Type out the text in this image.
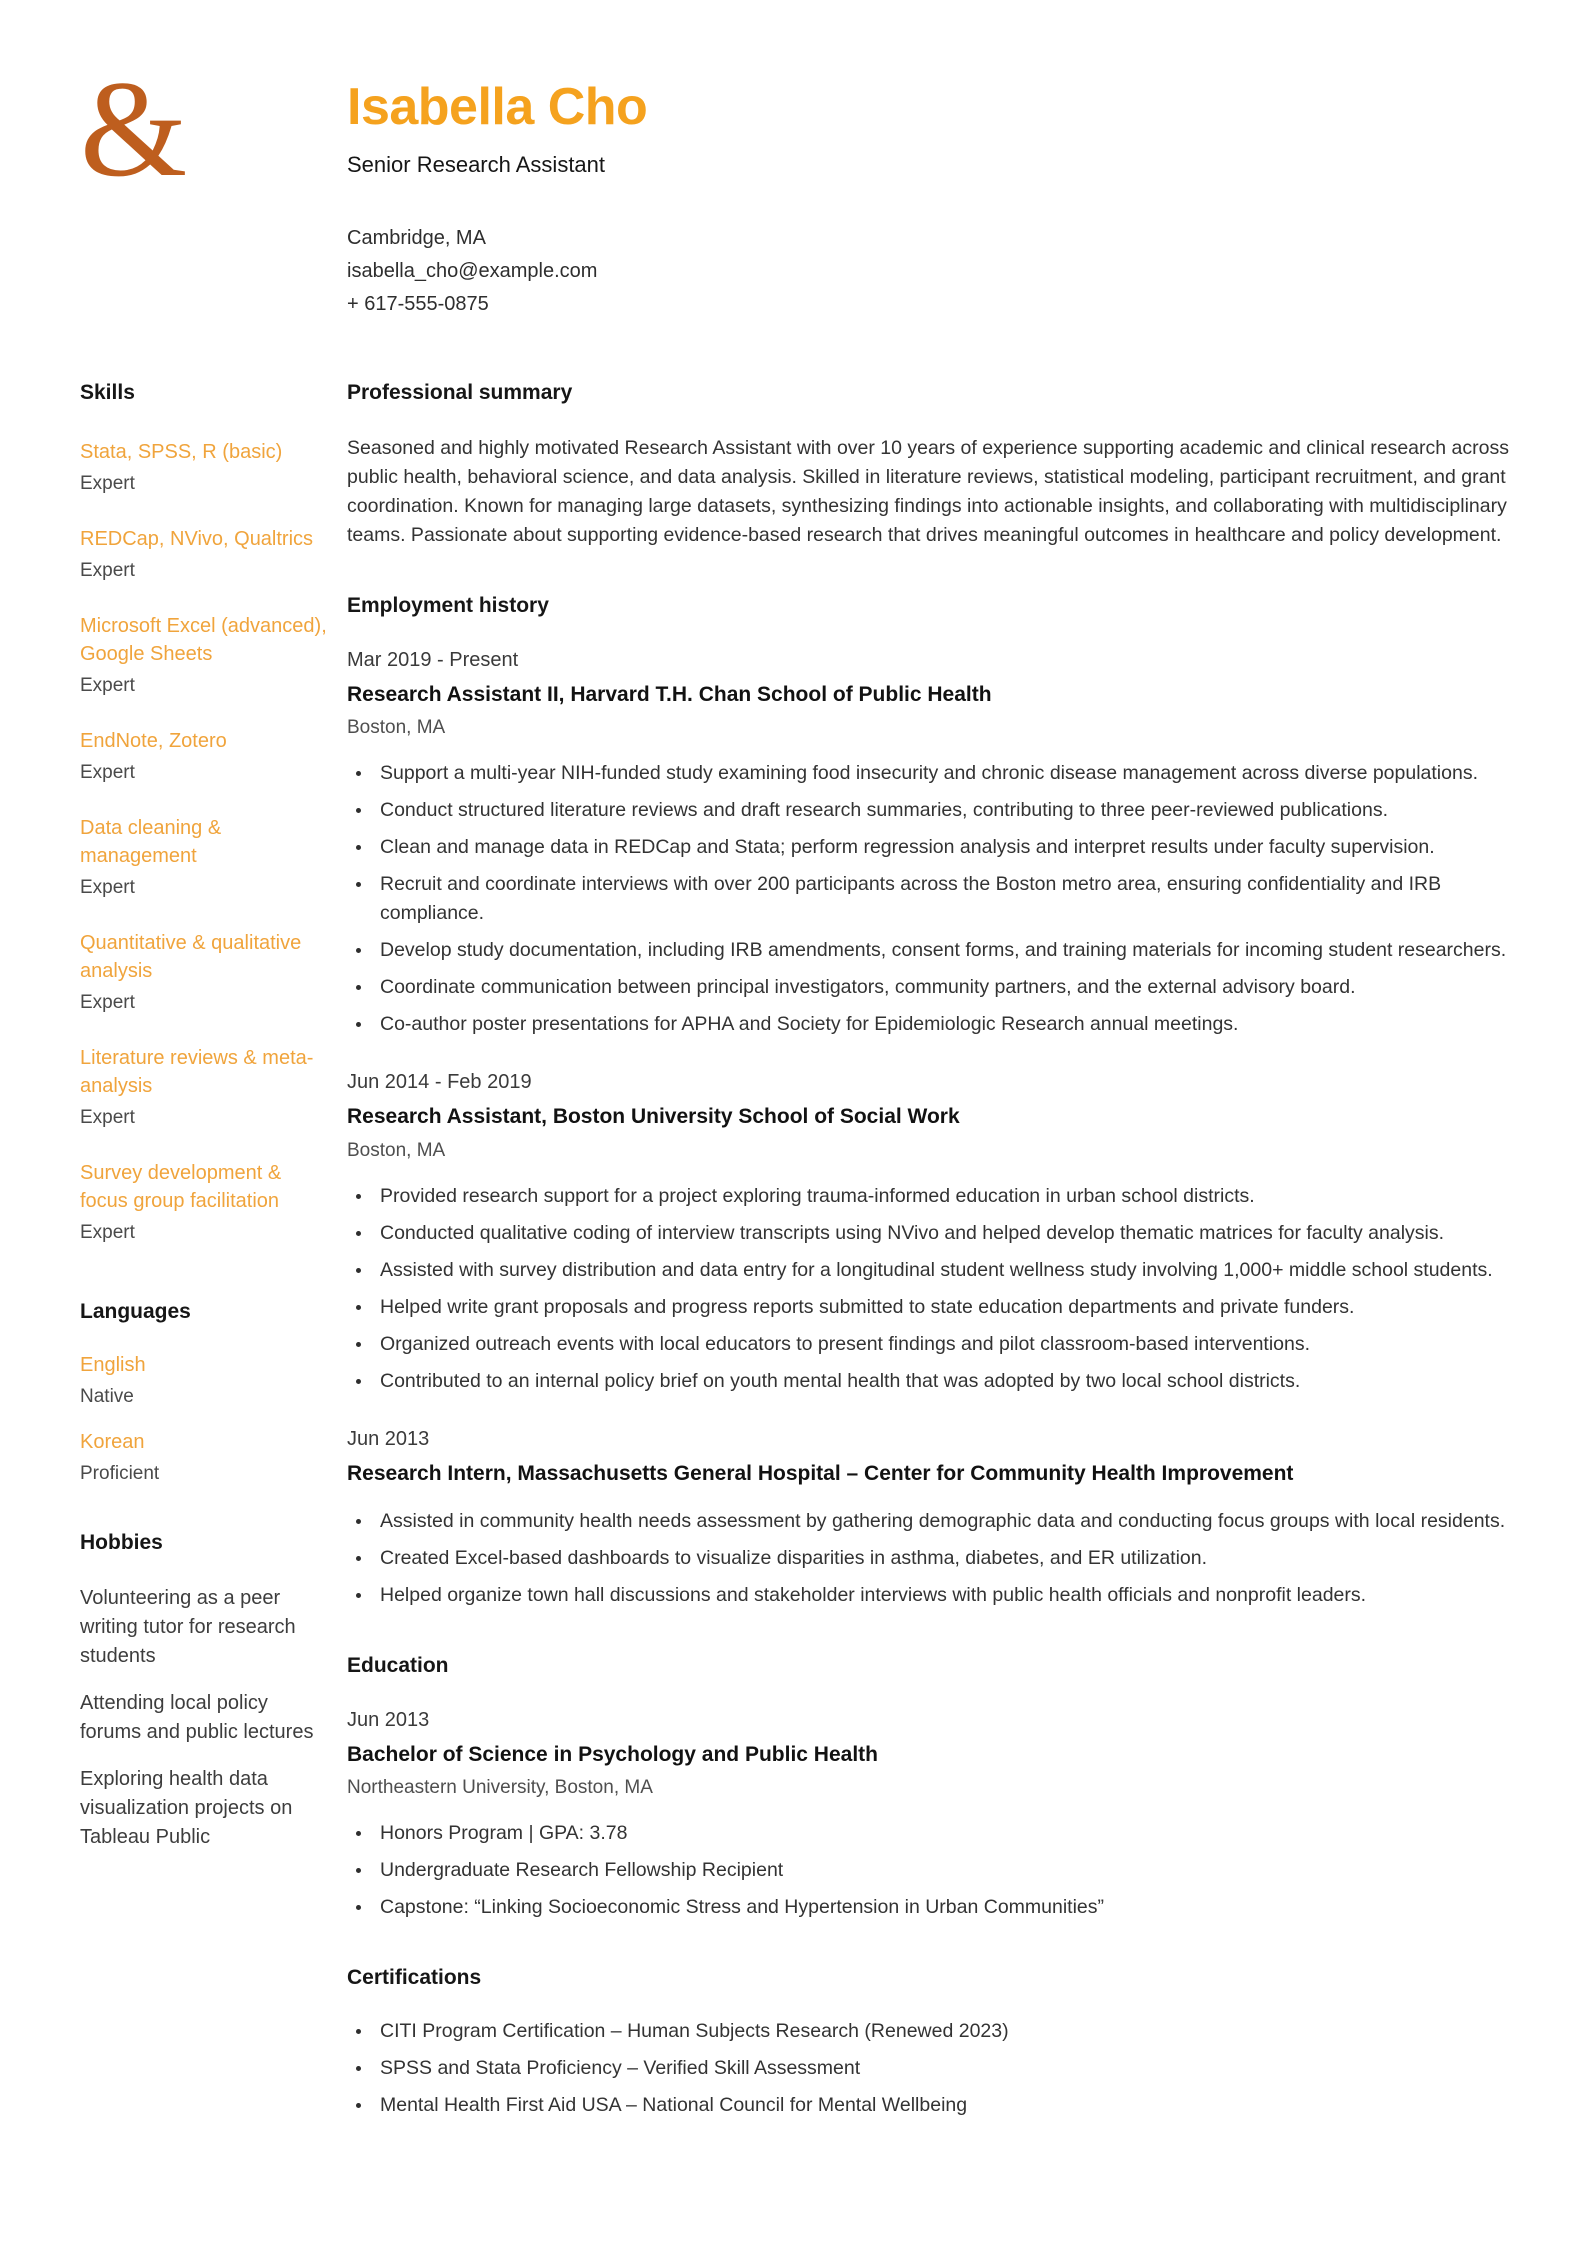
&	Isabella Cho
Senior Research Assistant
Cambridge, MA
isabella_cho@example.com
+ 617-555-0875
Skills
Stata, SPSS, R (basic)
Expert
REDCap, NVivo, Qualtrics
Expert
Microsoft Excel (advanced), Google Sheets
Expert
EndNote, Zotero
Expert
Data cleaning & management
Expert
Quantitative & qualitative analysis
Expert
Literature reviews & meta-analysis
Expert
Survey development & focus group facilitation
Expert
Languages
English
Native
Korean
Proficient
Hobbies
Volunteering as a peer writing tutor for research students
Attending local policy forums and public lectures
Exploring health data visualization projects on Tableau Public
Professional summary
Seasoned and highly motivated Research Assistant with over 10 years of experience supporting academic and clinical research across public health, behavioral science, and data analysis. Skilled in literature reviews, statistical modeling, participant recruitment, and grant coordination. Known for managing large datasets, synthesizing findings into actionable insights, and collaborating with multidisciplinary teams. Passionate about supporting evidence-based research that drives meaningful outcomes in healthcare and policy development.
Employment history
Mar 2019 - Present
Research Assistant II, Harvard T.H. Chan School of Public Health
Boston, MA
Support a multi-year NIH-funded study examining food insecurity and chronic disease management across diverse populations.
Conduct structured literature reviews and draft research summaries, contributing to three peer-reviewed publications.
Clean and manage data in REDCap and Stata; perform regression analysis and interpret results under faculty supervision.
Recruit and coordinate interviews with over 200 participants across the Boston metro area, ensuring confidentiality and IRB compliance.
Develop study documentation, including IRB amendments, consent forms, and training materials for incoming student researchers.
Coordinate communication between principal investigators, community partners, and the external advisory board.
Co-author poster presentations for APHA and Society for Epidemiologic Research annual meetings.
Jun 2014 - Feb 2019
Research Assistant, Boston University School of Social Work
Boston, MA
Provided research support for a project exploring trauma-informed education in urban school districts.
Conducted qualitative coding of interview transcripts using NVivo and helped develop thematic matrices for faculty analysis.
Assisted with survey distribution and data entry for a longitudinal student wellness study involving 1,000+ middle school students.
Helped write grant proposals and progress reports submitted to state education departments and private funders.
Organized outreach events with local educators to present findings and pilot classroom-based interventions.
Contributed to an internal policy brief on youth mental health that was adopted by two local school districts.
Jun 2013
Research Intern, Massachusetts General Hospital – Center for Community Health Improvement
Assisted in community health needs assessment by gathering demographic data and conducting focus groups with local residents.
Created Excel-based dashboards to visualize disparities in asthma, diabetes, and ER utilization.
Helped organize town hall discussions and stakeholder interviews with public health officials and nonprofit leaders.
Education
Jun 2013
Bachelor of Science in Psychology and Public Health
Northeastern University, Boston, MA
Honors Program | GPA: 3.78
Undergraduate Research Fellowship Recipient
Capstone: “Linking Socioeconomic Stress and Hypertension in Urban Communities”
Certifications
CITI Program Certification – Human Subjects Research (Renewed 2023)
SPSS and Stata Proficiency – Verified Skill Assessment
Mental Health First Aid USA – National Council for Mental Wellbeing
